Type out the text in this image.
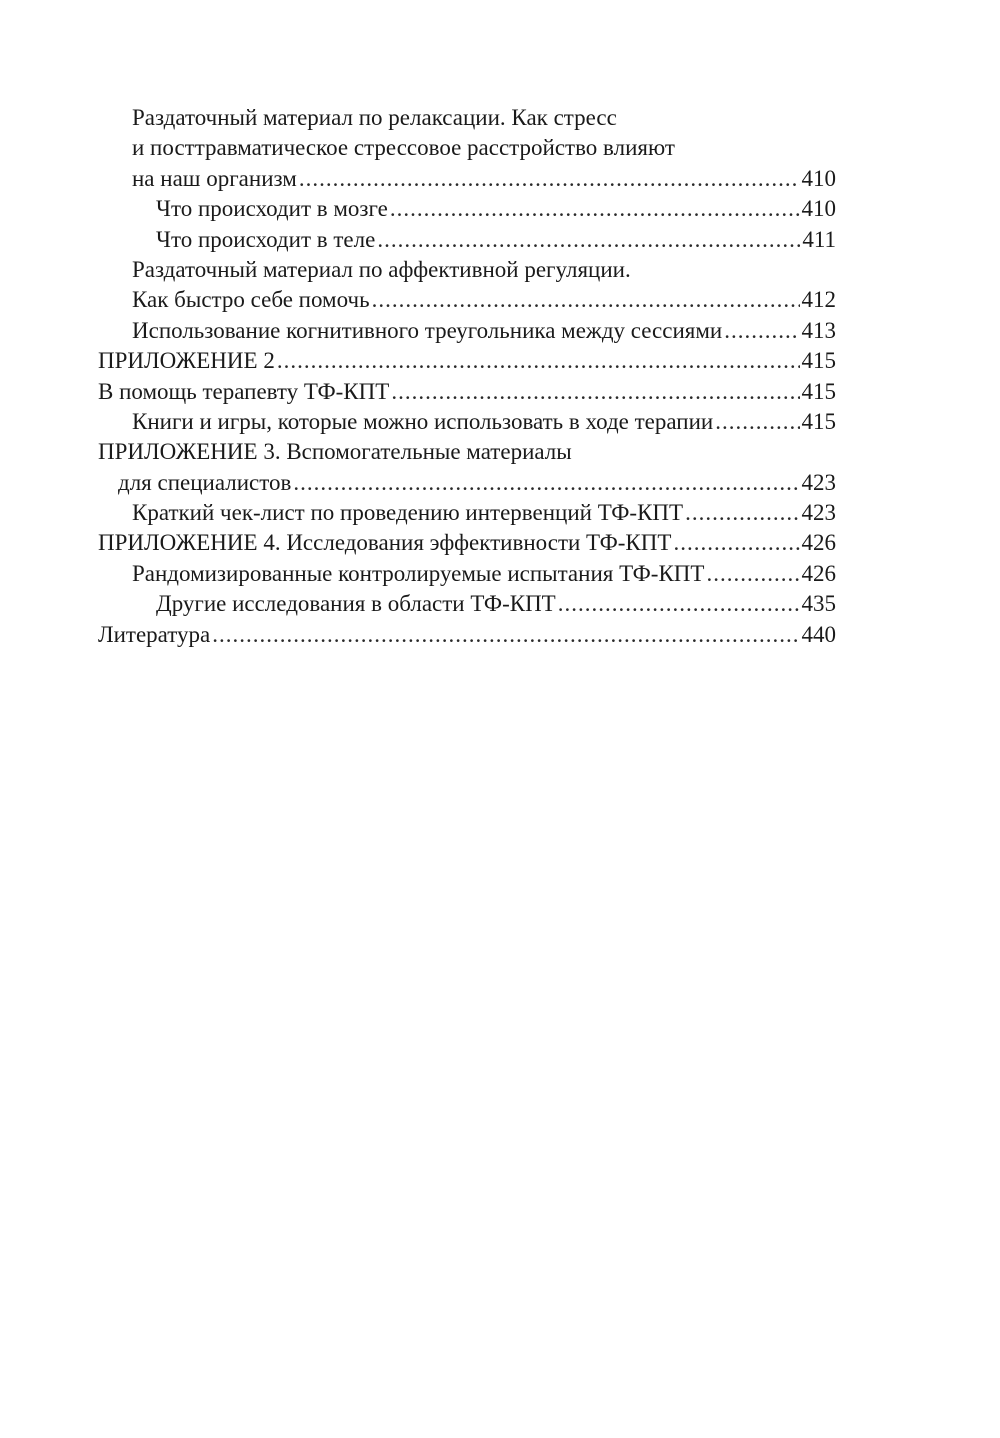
Раздаточный материал по релаксации. Как стресс
и посттравматическое стрессовое расстройство влияют
на наш организм .....	410
Что происходит в мозге .....	410
Что происходит в теле .....	411
Раздаточный материал по аффективной регуляции.
Как быстро себе помочь .....	412
Использование когнитивного треугольника между сессиями .....	413
ПРИЛОЖЕНИЕ 2 .....	415
В помощь терапевту ТФ-КПТ .....	415
Книги и игры, которые можно использовать в ходе терапии .....	415
ПРИЛОЖЕНИЕ 3. Вспомогательные материалы
для специалистов .....	423
Краткий чек-лист по проведению интервенций ТФ-КПТ .....	423
ПРИЛОЖЕНИЕ 4. Исследования эффективности ТФ-КПТ .....	426
Рандомизированные контролируемые испытания ТФ-КПТ .....	426
Другие исследования в области ТФ-КПТ .....	435
Литература .....	440
